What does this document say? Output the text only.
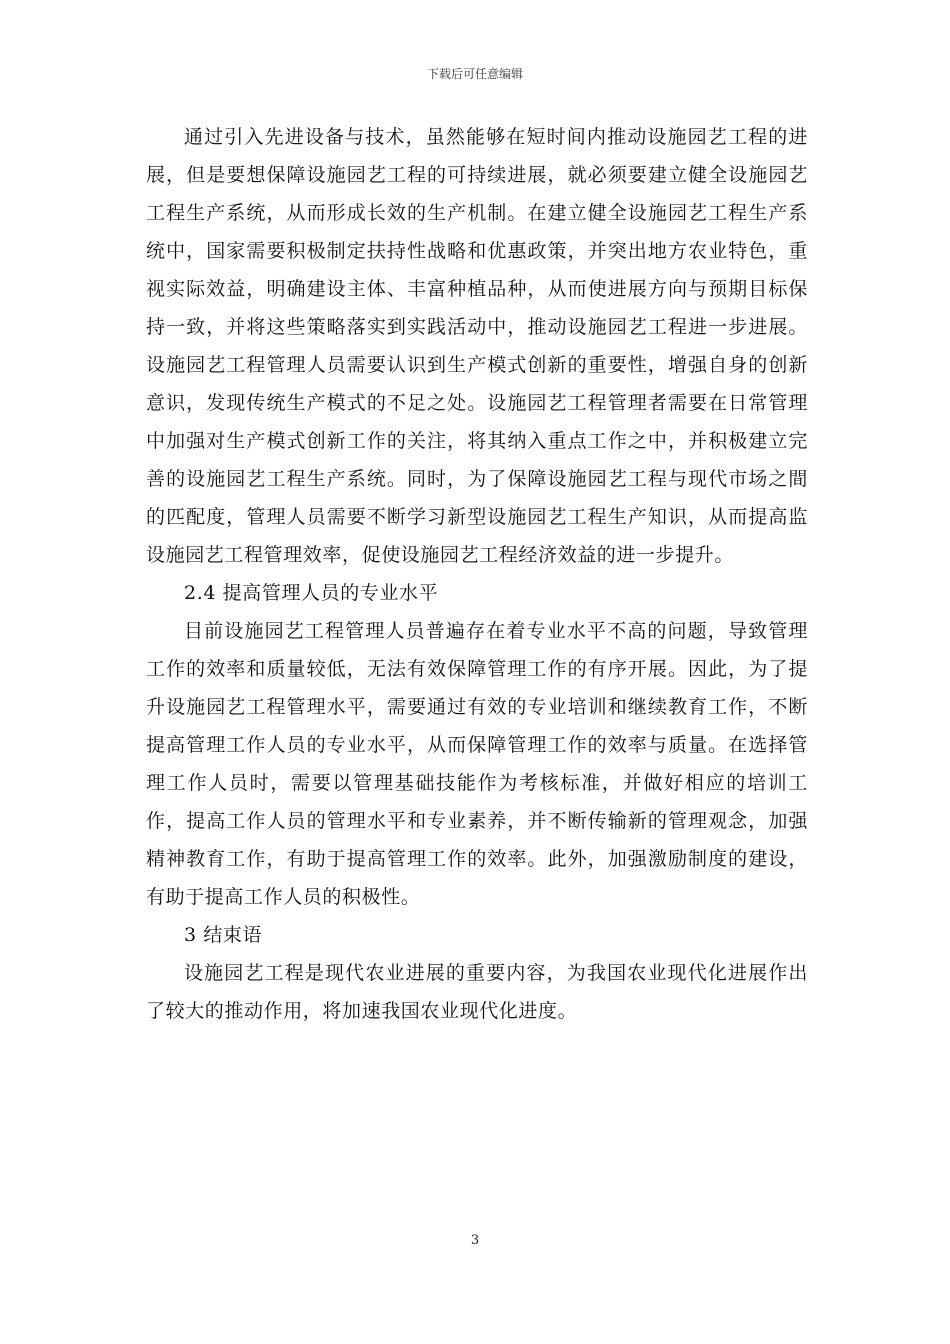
下载后可任意编辑

通过引入先进设备与技术，虽然能够在短时间内推动设施园艺工程的进展，但是要想保障设施园艺工程的可持续进展，就必须要建立健全设施园艺工程生产系统，从而形成长效的生产机制。在建立健全设施园艺工程生产系统中，国家需要积极制定扶持性战略和优惠政策，并突出地方农业特色，重视实际效益，明确建设主体、丰富种植品种，从而使进展方向与预期目标保持一致，并将这些策略落实到实践活动中，推动设施园艺工程进一步进展。设施园艺工程管理人员需要认识到生产模式创新的重要性，增强自身的创新意识，发现传统生产模式的不足之处。设施园艺工程管理者需要在日常管理中加强对生产模式创新工作的关注，将其纳入重点工作之中，并积极建立完善的设施园艺工程生产系统。同时，为了保障设施园艺工程与现代市场之間的匹配度，管理人员需要不断学习新型设施园艺工程生产知识，从而提高监设施园艺工程管理效率，促使设施园艺工程经济效益的进一步提升。

2.4 提高管理人员的专业水平

目前设施园艺工程管理人员普遍存在着专业水平不高的问题，导致管理工作的效率和质量较低，无法有效保障管理工作的有序开展。因此，为了提升设施园艺工程管理水平，需要通过有效的专业培训和继续教育工作，不断提高管理工作人员的专业水平，从而保障管理工作的效率与质量。在选择管理工作人员时，需要以管理基础技能作为考核标准，并做好相应的培训工作，提高工作人员的管理水平和专业素养，并不断传输新的管理观念，加强精神教育工作，有助于提高管理工作的效率。此外，加强激励制度的建设，有助于提高工作人员的积极性。

3 结束语

设施园艺工程是现代农业进展的重要内容，为我国农业现代化进展作出了较大的推动作用，将加速我国农业现代化进度。

3
